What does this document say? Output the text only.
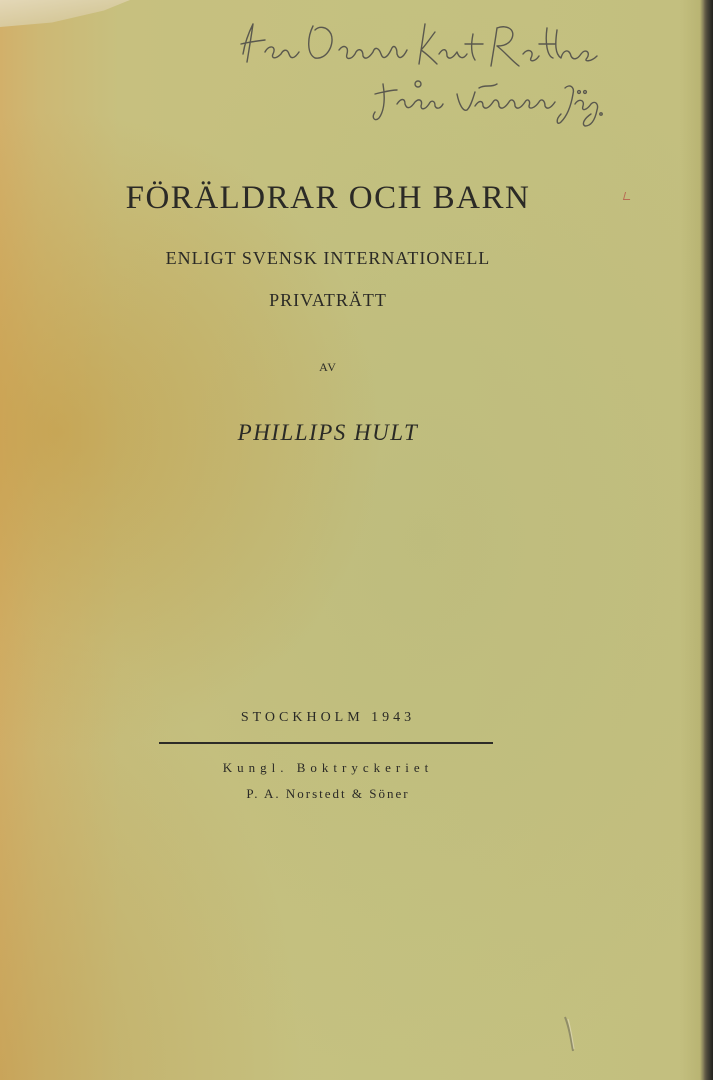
FÖRÄLDRAR OCH BARN
ENLIGT SVENSK INTERNATIONELL
PRIVATRÄTT
AV
PHILLIPS HULT
STOCKHOLM 1943
Kungl. Boktryckeriet
P. A. Norstedt & Söner
